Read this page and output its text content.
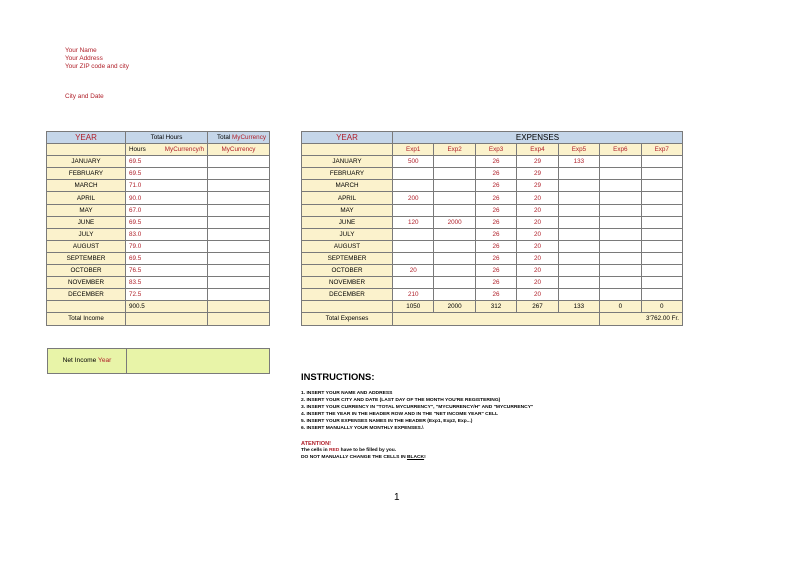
Your Name
Your Address
Your ZIP code and city
City and Date
YEAR	Total Hours	Total MyCurrency
	Hours MyCurrency/h	MyCurrency
JANUARY	69.5	
FEBRUARY	69.5	
MARCH	71.0	
APRIL	90.0	
MAY	67.0	
JUNE	69.5	
JULY	83.0	
AUGUST	79.0	
SEPTEMBER	69.5	
OCTOBER	76.5	
NOVEMBER	83.5	
DECEMBER	72.5	
	900.5	
Total Income		
YEAR	EXPENSES						
	Exp1	Exp2	Exp3	Exp4	Exp5	Exp6	Exp7
JANUARY	500		26	29	133		
FEBRUARY			26	29			
MARCH			26	29			
APRIL	200		26	20			
MAY			26	20			
JUNE	120	2000	26	20			
JULY			26	20			
AUGUST			26	20			
SEPTEMBER			26	20			
OCTOBER	20		26	20			
NOVEMBER			26	20			
DECEMBER	210		26	20			
	1050	2000	312	267	133	0	0
Total Expenses						3'762.00 Fr.	
Net Income Year	
INSTRUCTIONS:
1. INSERT YOUR NAME AND ADDRESS
2. INSERT YOUR CITY AND DATE (LAST DAY OF THE MONTH YOU'RE REGISTERING)
3. INSERT YOUR CURRENCY IN "TOTAL MYCURRENCY", "MYCURRENCY/H" AND "MYCURRENCY"
4. INSERT THE YEAR IN THE HEADER ROW AND IN THE "NET INCOME YEAR" CELL
5. INSERT YOUR EXPENSES NAMES IN THE HEADER (Exp1, Exp2, Exp...)
6. INSERT MANUALLY YOUR MONTHLY EXPENSES.\
ATENTION!
The cells in RED have to be filled by you.
DO NOT MANUALLY CHANGE THE CELLS IN BLACK!
1
